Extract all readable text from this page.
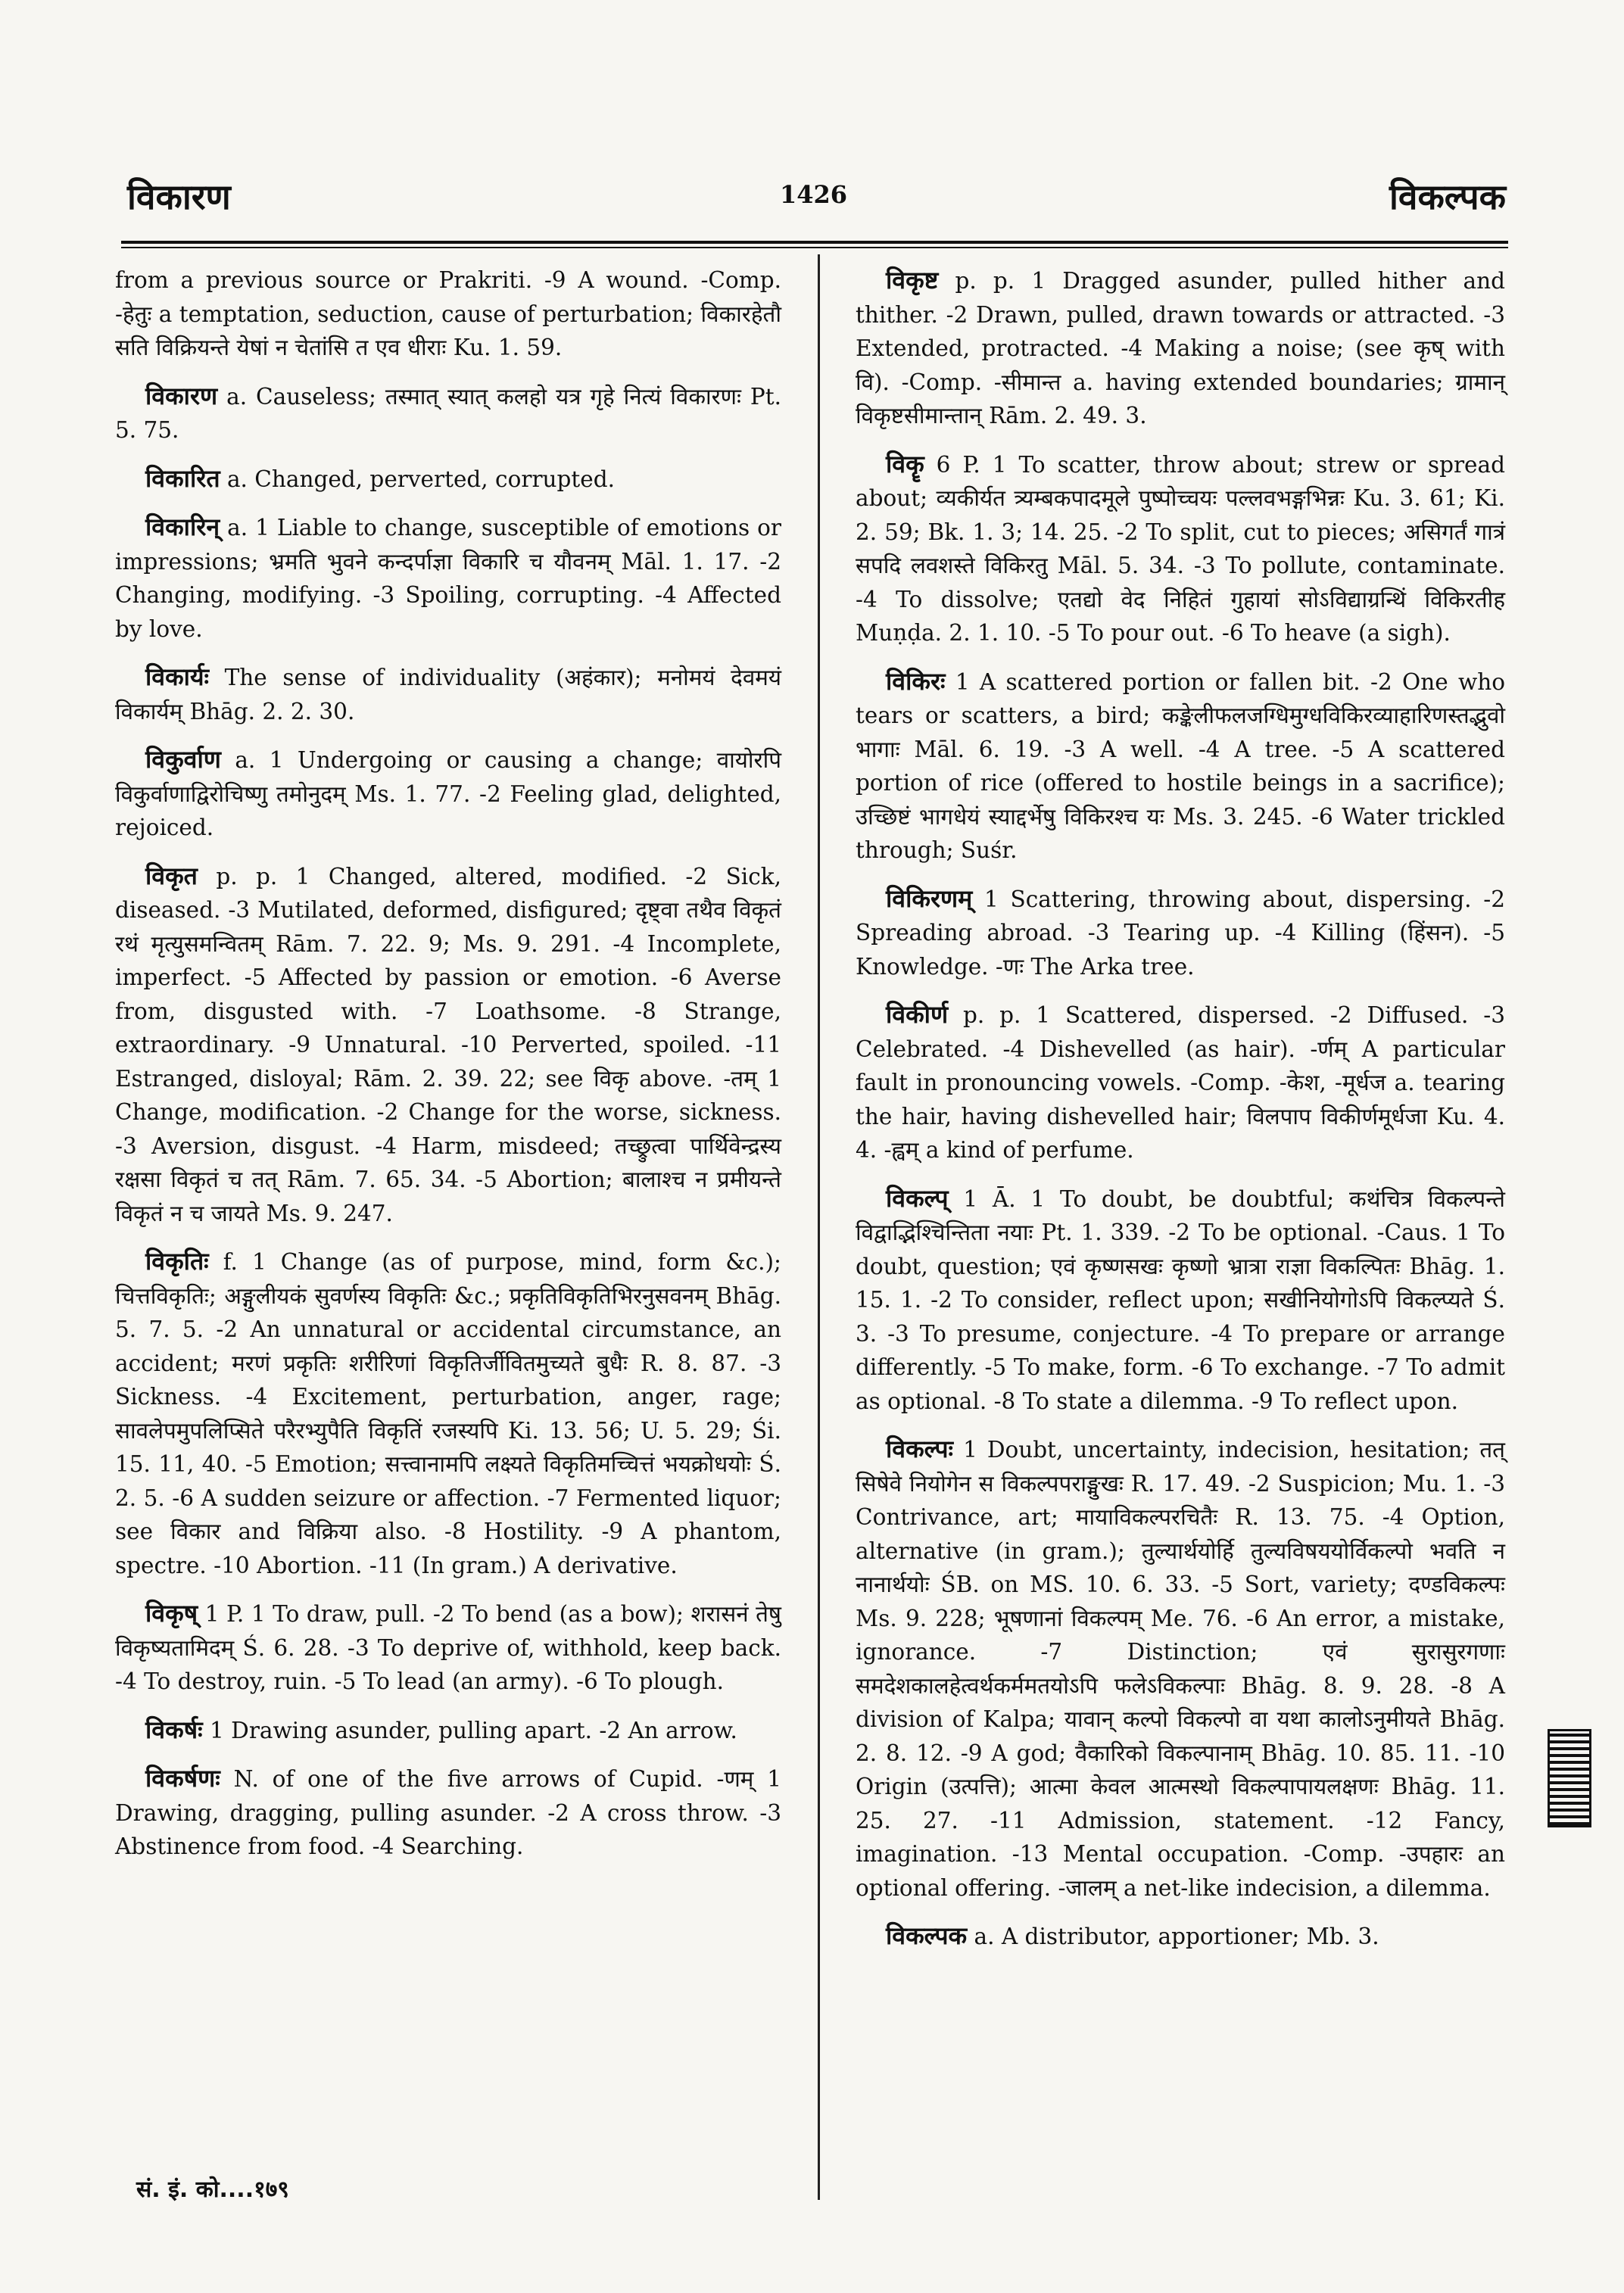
विकारण	1426	विकल्पक

from a previous source or Prakriti. -9 A wound. -Comp. -हेतुः a temptation, seduction, cause of perturbation; विकारहेतौ सति विक्रियन्ते येषां न चेतांसि त एव धीराः Ku. 1. 59.

विकारण a. Causeless; तस्मात् स्यात् कलहो यत्र गृहे नित्यं विकारणः Pt. 5. 75.

विकारित a. Changed, perverted, corrupted.

विकारिन् a. 1 Liable to change, susceptible of emotions or impressions; भ्रमति भुवने कन्दर्पाज्ञा विकारि च यौवनम् Māl. 1. 17. -2 Changing, modifying. -3 Spoiling, corrupting. -4 Affected by love.

विकार्यः The sense of individuality (अहंकार); मनोमयं देवमयं विकार्यम् Bhāg. 2. 2. 30.

विकुर्वाण a. 1 Undergoing or causing a change; वायोरपि विकुर्वाणाद्विरोचिष्णु तमोनुदम् Ms. 1. 77. -2 Feeling glad, delighted, rejoiced.

विकृत p. p. 1 Changed, altered, modified. -2 Sick, diseased. -3 Mutilated, deformed, disfigured; दृष्ट्वा तथैव विकृतं रथं मृत्युसमन्वितम् Rām. 7. 22. 9; Ms. 9. 291. -4 Incomplete, imperfect. -5 Affected by passion or emotion. -6 Averse from, disgusted with. -7 Loathsome. -8 Strange, extraordinary. -9 Unnatural. -10 Perverted, spoiled. -11 Estranged, disloyal; Rām. 2. 39. 22; see विकृ above. -तम् 1 Change, modification. -2 Change for the worse, sickness. -3 Aversion, disgust. -4 Harm, misdeed; तच्छ्रुत्वा पार्थिवेन्द्रस्य रक्षसा विकृतं च तत् Rām. 7. 65. 34. -5 Abortion; बालाश्च न प्रमीयन्ते विकृतं न च जायते Ms. 9. 247.

विकृतिः f. 1 Change (as of purpose, mind, form &c.); चित्तविकृतिः; अङ्गुलीयकं सुवर्णस्य विकृतिः &c.; प्रकृतिविकृतिभिरनुसवनम् Bhāg. 5. 7. 5. -2 An unnatural or accidental circumstance, an accident; मरणं प्रकृतिः शरीरिणां विकृतिर्जीवितमुच्यते बुधैः R. 8. 87. -3 Sickness. -4 Excitement, perturbation, anger, rage; सावलेपमुपलिप्सिते परैरभ्युपैति विकृतिं रजस्यपि Ki. 13. 56; U. 5. 29; Śi. 15. 11, 40. -5 Emotion; सत्त्वानामपि लक्ष्यते विकृतिमच्चित्तं भयक्रोधयोः Ś. 2. 5. -6 A sudden seizure or affection. -7 Fermented liquor; see विकार and विक्रिया also. -8 Hostility. -9 A phantom, spectre. -10 Abortion. -11 (In gram.) A derivative.

विकृष् 1 P. 1 To draw, pull. -2 To bend (as a bow); शरासनं तेषु विकृष्यतामिदम् Ś. 6. 28. -3 To deprive of, withhold, keep back. -4 To destroy, ruin. -5 To lead (an army). -6 To plough.

विकर्षः 1 Drawing asunder, pulling apart. -2 An arrow.

विकर्षणः N. of one of the five arrows of Cupid. -णम् 1 Drawing, dragging, pulling asunder. -2 A cross throw. -3 Abstinence from food. -4 Searching.

विकृष्ट p. p. 1 Dragged asunder, pulled hither and thither. -2 Drawn, pulled, drawn towards or attracted. -3 Extended, protracted. -4 Making a noise; (see कृष् with वि). -Comp. -सीमान्त a. having extended boundaries; ग्रामान् विकृष्टसीमान्तान् Rām. 2. 49. 3.

विकॄ 6 P. 1 To scatter, throw about; strew or spread about; व्यकीर्यत त्र्यम्बकपादमूले पुष्पोच्चयः पल्लवभङ्गभिन्नः Ku. 3. 61; Ki. 2. 59; Bk. 1. 3; 14. 25. -2 To split, cut to pieces; असिगर्तं गात्रं सपदि लवशस्ते विकिरतु Māl. 5. 34. -3 To pollute, contaminate. -4 To dissolve; एतद्यो वेद निहितं गुहायां सोऽविद्याग्रन्थिं विकिरतीह Muṇḍa. 2. 1. 10. -5 To pour out. -6 To heave (a sigh).

विकिरः 1 A scattered portion or fallen bit. -2 One who tears or scatters, a bird; कङ्केलीफलजग्धिमुग्धविकिरव्याहारिणस्तद्भुवो भागाः Māl. 6. 19. -3 A well. -4 A tree. -5 A scattered portion of rice (offered to hostile beings in a sacrifice); उच्छिष्टं भागधेयं स्याद्दर्भेषु विकिरश्च यः Ms. 3. 245. -6 Water trickled through; Suśr.

विकिरणम् 1 Scattering, throwing about, dispersing. -2 Spreading abroad. -3 Tearing up. -4 Killing (हिंसन). -5 Knowledge. -णः The Arka tree.

विकीर्ण p. p. 1 Scattered, dispersed. -2 Diffused. -3 Celebrated. -4 Dishevelled (as hair). -र्णम् A particular fault in pronouncing vowels. -Comp. -केश, -मूर्धज a. tearing the hair, having dishevelled hair; विलपाप विकीर्णमूर्धजा Ku. 4. 4. -ह्वम् a kind of perfume.

विकल्प् 1 Ā. 1 To doubt, be doubtful; कथंचित्र विकल्पन्ते विद्वाद्भिश्चिन्तिता नयाः Pt. 1. 339. -2 To be optional. -Caus. 1 To doubt, question; एवं कृष्णसखः कृष्णो भ्रात्रा राज्ञा विकल्पितः Bhāg. 1. 15. 1. -2 To consider, reflect upon; सखीनियोगोऽपि विकल्प्यते Ś. 3. -3 To presume, conjecture. -4 To prepare or arrange differently. -5 To make, form. -6 To exchange. -7 To admit as optional. -8 To state a dilemma. -9 To reflect upon.

विकल्पः 1 Doubt, uncertainty, indecision, hesitation; तत् सिषेवे नियोगेन स विकल्पपराङ्मुखः R. 17. 49. -2 Suspicion; Mu. 1. -3 Contrivance, art; मायाविकल्परचितैः R. 13. 75. -4 Option, alternative (in gram.); तुल्यार्थयोर्हि तुल्यविषययोर्विकल्पो भवति न नानार्थयोः ŚB. on MS. 10. 6. 33. -5 Sort, variety; दण्डविकल्पः Ms. 9. 228; भूषणानां विकल्पम् Me. 76. -6 An error, a mistake, ignorance. -7 Distinction; एवं सुरासुरगणाः समदेशकालहेत्वर्थकर्ममतयोऽपि फलेऽविकल्पाः Bhāg. 8. 9. 28. -8 A division of Kalpa; यावान् कल्पो विकल्पो वा यथा कालोऽनुमीयते Bhāg. 2. 8. 12. -9 A god; वैकारिको विकल्पानाम् Bhāg. 10. 85. 11. -10 Origin (उत्पत्ति); आत्मा केवल आत्मस्थो विकल्पापायलक्षणः Bhāg. 11. 25. 27. -11 Admission, statement. -12 Fancy, imagination. -13 Mental occupation. -Comp. -उपहारः an optional offering. -जालम् a net-like indecision, a dilemma.

विकल्पक a. A distributor, apportioner; Mb. 3.

सं. इं. को....१७९
